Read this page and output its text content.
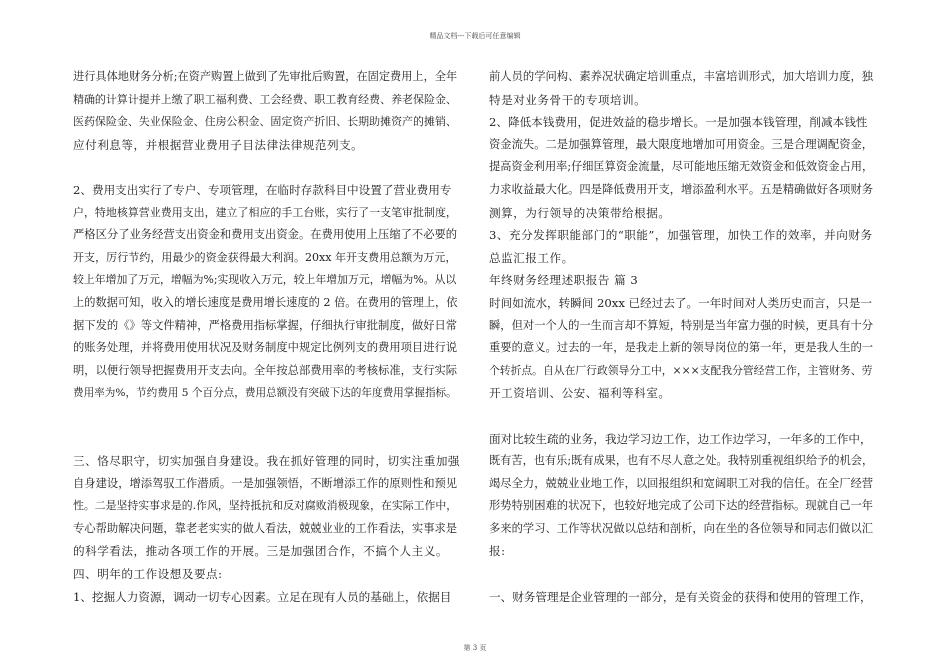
精品文档---下载后可任意编辑
进行具体地财务分析;在资产购置上做到了先审批后购置，在固定费用上，全年
精确的计算计提并上缴了职工福利费、工会经费、职工教育经费、养老保险金、
医药保险金、失业保险金、住房公积金、固定资产折旧、长期助摊资产的摊销、
应付利息等，并根据营业费用子目法律法律规范列支。
2、费用支出实行了专户、专项管理，在临时存款科目中设置了营业费用专
户，特地核算营业费用支出，建立了相应的手工台账，实行了一支笔审批制度，
严格区分了业务经营支出资金和费用支出资金。在费用使用上压缩了不必要的
开支，厉行节约，用最少的资金获得最大利润。20xx 年开支费用总额为万元，
较上年增加了万元，增幅为%;实现收入万元，较上年增加万元，增幅为%。从以
上的数据可知，收入的增长速度是费用增长速度的 2 倍。在费用的管理上，依
据下发的《》等文件精神，严格费用指标掌握，仔细执行审批制度，做好日常
的账务处理，并将费用使用状况及财务制度中规定比例列支的费用项目进行说
明，以便行领导把握费用开支去向。全年按总部费用率的考核标准，支行实际
费用率为%，节约费用 5 个百分点，费用总额没有突破下达的年度费用掌握指标。
三、恪尽职守，切实加强自身建设。我在抓好管理的同时，切实注重加强
自身建设，增添驾驭工作潜质。一是加强领悟，不断增添工作的原则性和预见
性。二是坚持实事求是的.作风，坚持抵抗和反对腐败消极现象，在实际工作中，
专心帮助解决问题，靠老老实实的做人看法，兢兢业业的工作看法，实事求是
的科学看法，推动各项工作的开展。三是加强团合作，不搞个人主义。
四、明年的工作设想及要点:
1、挖掘人力资源，调动一切专心因素。立足在现有人员的基础上，依据目
前人员的学问构、素养况状确定培训重点，丰富培训形式，加大培训力度，独
特是对业务骨干的专项培训。
2、降低本钱费用，促进效益的稳步增长。一是加强本钱管理，削减本钱性
资金流失。二是加强算管理，最大限度地增加可用资金。三是合理调配资金，
提高资金利用率;仔细匡算资金流量，尽可能地压缩无效资金和低效资金占用，
力求收益最大化。四是降低费用开支，增添盈利水平。五是精确做好各项财务
测算，为行领导的决策带给根据。
3、充分发挥职能部门的“职能”，加强管理，加快工作的效率，并向财务
总监汇报工作。
年终财务经理述职报告 篇 3
时间如流水，转瞬间 20xx 已经过去了。一年时间对人类历史而言，只是一
瞬，但对一个人的一生而言却不算短，特别是当年富力强的时候，更具有十分
重要的意义。过去的一年，是我走上新的领导岗位的第一年，更是我人生的一
个转折点。自从在厂行政领导分工中，×××支配我分管经营工作，主管财务、劳
开工资培训、公安、福利等科室。
面对比较生疏的业务，我边学习边工作，边工作边学习，一年多的工作中，
既有苦，也有乐;既有成果，也有不尽人意之处。我特别重视组织给予的机会，
竭尽全力，兢兢业业地工作，以回报组织和宽阔职工对我的信任。在全厂经营
形势特别困难的状况下，也较好地完成了公司下达的经营指标。现就自己一年
多来的学习、工作等状况做以总结和剖析，向在坐的各位领导和同志们做以汇
报:
一、财务管理是企业管理的一部分，是有关资金的获得和使用的管理工作，
第 3 页
